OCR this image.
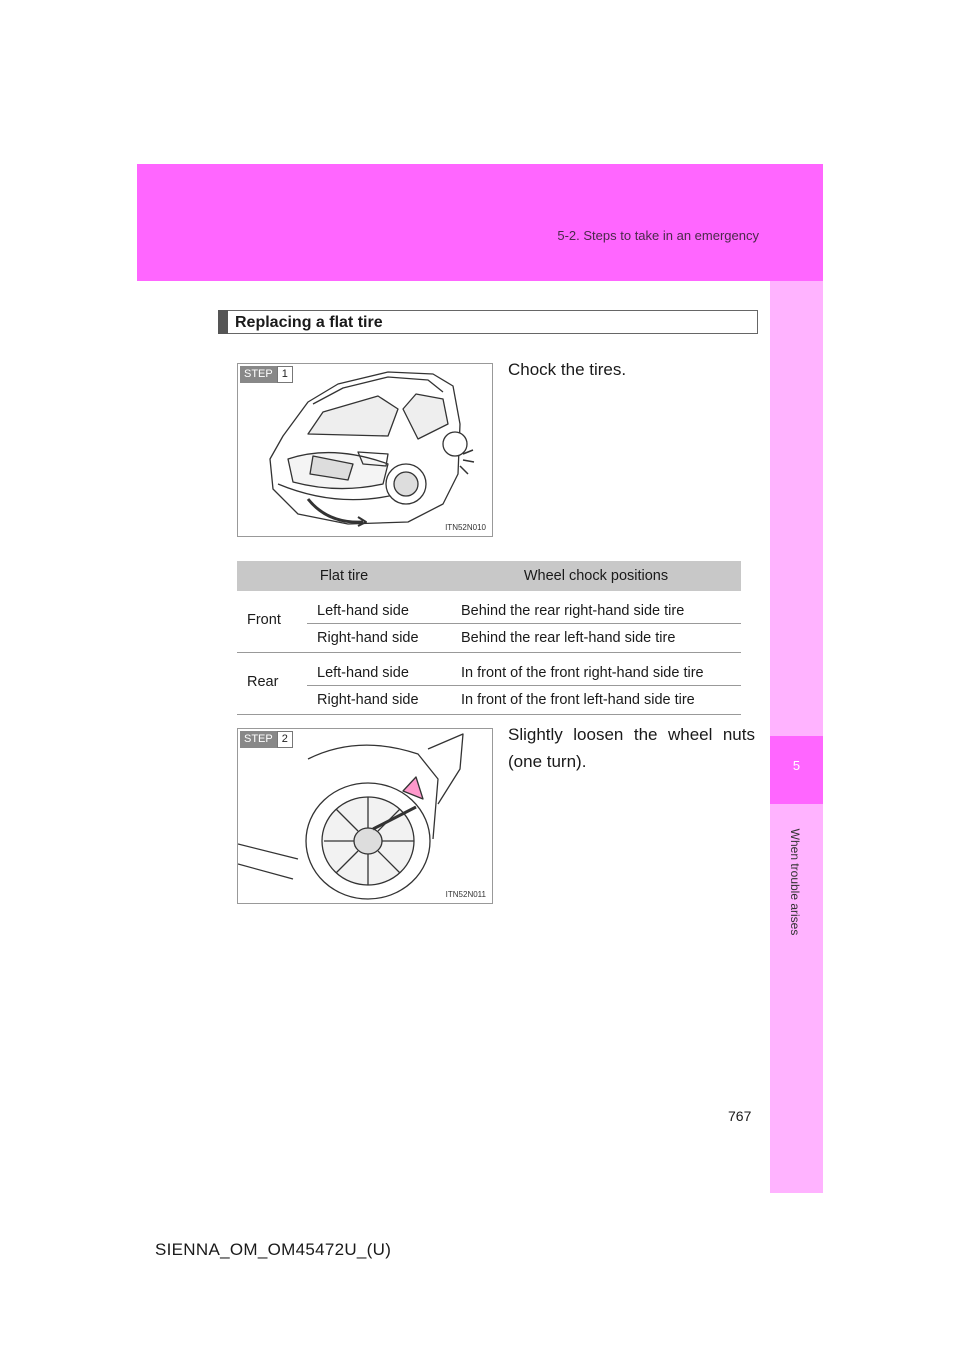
5-2. Steps to take in an emergency
5
When trouble arises
Replacing a flat tire
STEP 1
ITN52N010
Chock the tires.
Flat tire		Wheel chock positions
Front	Left-hand side	Behind the rear right-hand side tire
	Right-hand side	Behind the rear left-hand side tire
Rear	Left-hand side	In front of the front right-hand side tire
	Right-hand side	In front of the front left-hand side tire
STEP 2
ITN52N011
Slightly loosen the wheel nuts (one turn).
767
SIENNA_OM_OM45472U_(U)
